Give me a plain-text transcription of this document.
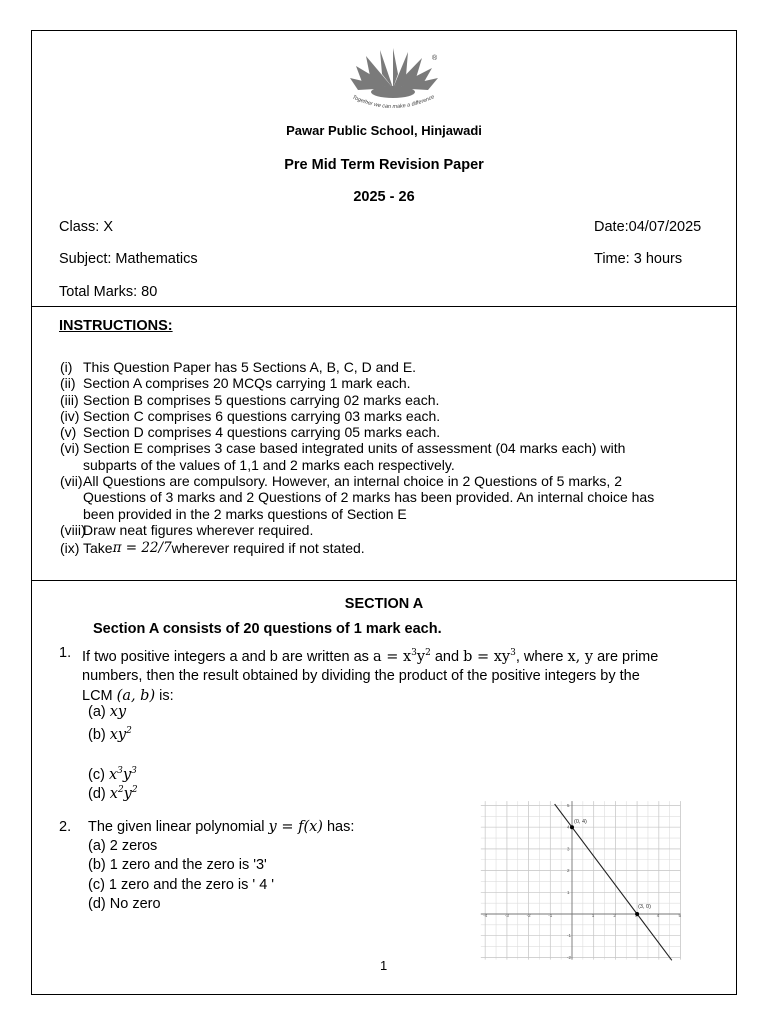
®
Together we can make a difference
Pawar Public School, Hinjawadi
Pre Mid Term Revision Paper
2025 - 26
Class: X	Date:04/07/2025
Subject: Mathematics	Time: 3 hours
Total Marks: 80
INSTRUCTIONS:
(i) This Question Paper has 5 Sections A, B, C, D and E.
(ii) Section A comprises 20 MCQs carrying 1 mark each.
(iii) Section B comprises 5 questions carrying 02 marks each.
(iv) Section C comprises 6 questions carrying 03 marks each.
(v) Section D comprises 4 questions carrying 05 marks each.
(vi) Section E comprises 3 case based integrated units of assessment (04 marks each) with
subparts of the values of 1,1 and 2 marks each respectively.
(vii) All Questions are compulsory. However, an internal choice in 2 Questions of 5 marks, 2
Questions of 3 marks and 2 Questions of 2 marks has been provided. An internal choice has
been provided in the 2 marks questions of Section E
(viii)
Draw neat figures wherever required.
(ix) Take π = 22/7 wherever required if not stated.
SECTION A
Section A consists of 20 questions of 1 mark each.
1. If two positive integers a and b are written as $a = x^3y^2$ and $b = xy^3$, where x, y are prime
numbers, then the result obtained by dividing the product of the positive integers by the
LCM (a, b) is:
(a) xy
(b) $xy^2$
(c) $x^3y^3$
(d) $x^2y^2$
2. The given linear polynomial y = f(x) has:
(a) 2 zeros
(b) 1 zero and the zero is '3'
(c) 1 zero and the zero is ' 4 '
(d) No zero
-4	-3	-2	-1	1	2	4	5
5
4
3
2
1
-1
-2
(0, 4)
(3, 0)
1
